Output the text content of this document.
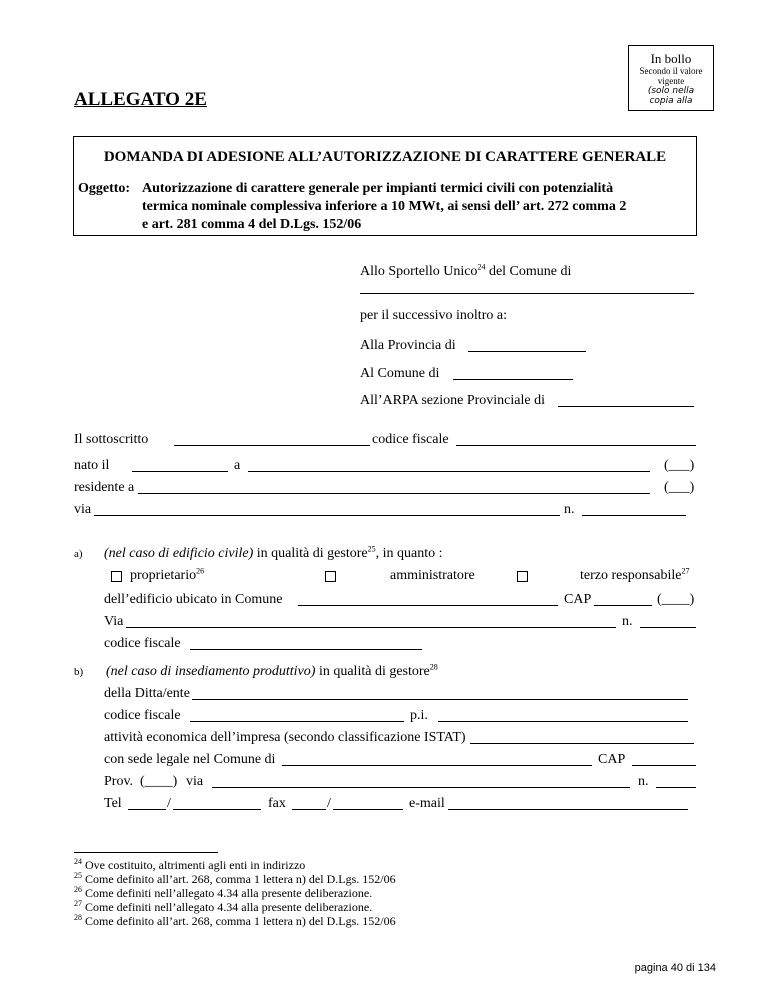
In bollo
Secondo il valore
vigente
(solo nella
copia alla
ALLEGATO 2E
DOMANDA DI ADESIONE ALL’AUTORIZZAZIONE DI CARATTERE GENERALE
Oggetto: Autorizzazione di carattere generale per impianti termici civili con potenzialità
termica nominale complessiva inferiore a 10 MWt, ai sensi dell’ art. 272 comma 2
e art. 281 comma 4 del D.Lgs. 152/06
Allo Sportello Unico$^{24}$ del Comune di
per il successivo inoltro a:
Alla Provincia di
Al Comune di
All’ARPA sezione Provinciale di
Il sottoscritto	codice fiscale
nato il	a	(___)
residente a	(___)
via	n.
a) (nel caso di edificio civile) in qualità di gestore$^{25}$, in quanto :
proprietario$^{26}$	amministratore	terzo responsabile$^{27}$
dell’edificio ubicato in Comune	CAP	(____)
Via	n.
codice fiscale
b) (nel caso di insediamento produttivo) in qualità di gestore$^{28}$
della Ditta/ente
codice fiscale	p.i.
attività economica dell’impresa (secondo classificazione ISTAT)
con sede legale nel Comune di	CAP
Prov. (____) via	n.
Tel	/	fax	/	e-mail
$^{24}$ Ove costituito, altrimenti agli enti in indirizzo
$^{25}$ Come definito all’art. 268, comma 1 lettera n) del D.Lgs. 152/06
$^{26}$ Come definiti nell’allegato 4.34 alla presente deliberazione.
$^{27}$ Come definiti nell’allegato 4.34 alla presente deliberazione.
$^{28}$ Come definito all’art. 268, comma 1 lettera n) del D.Lgs. 152/06
pagina 40 di 134
